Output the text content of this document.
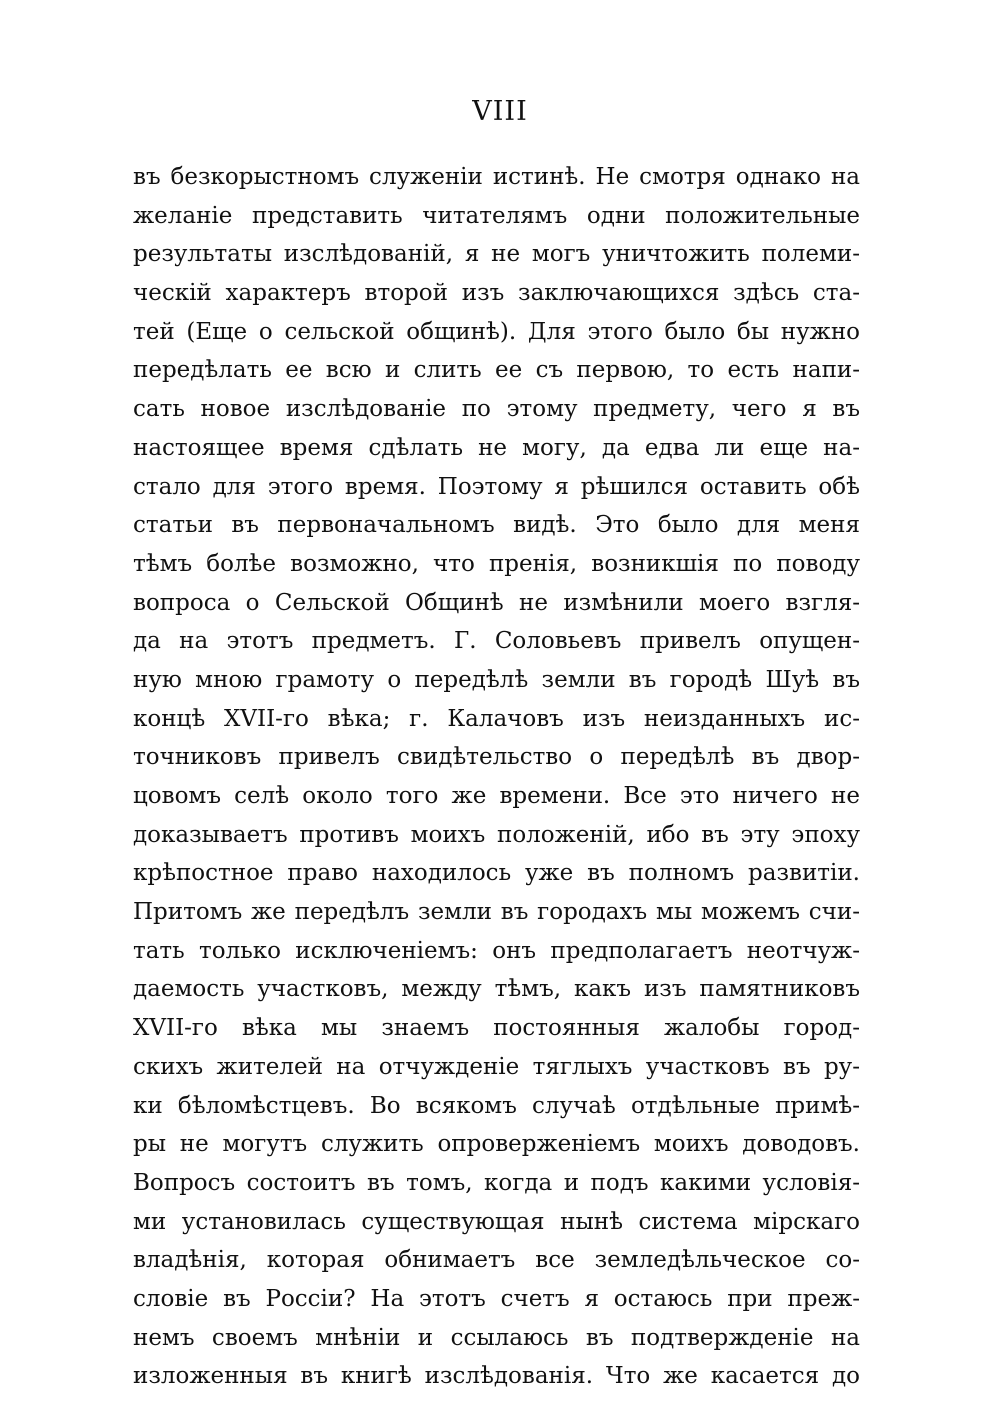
VIII
въ безкорыстномъ служеніи истинѣ. Не смотря однако на
желаніе представить читателямъ одни положительные
результаты изслѣдованій, я не могъ уничтожить полеми-
ческій характеръ второй изъ заключающихся здѣсь ста-
тей (Еще о сельской общинѣ). Для этого было бы нужно
передѣлать ее всю и слить ее съ первою, то есть напи-
сать новое изслѣдованіе по этому предмету, чего я въ
настоящее время сдѣлать не могу, да едва ли еще на-
стало для этого время. Поэтому я рѣшился оставить обѣ
статьи въ первоначальномъ видѣ. Это было для меня
тѣмъ болѣе возможно, что пренія, возникшія по поводу
вопроса о Сельской Общинѣ не измѣнили моего взгля-
да на этотъ предметъ. Г. Соловьевъ привелъ опущен-
ную мною грамоту о передѣлѣ земли въ городѣ Шуѣ въ
концѣ XVII-го вѣка; г. Калачовъ изъ неизданныхъ ис-
точниковъ привелъ свидѣтельство о передѣлѣ въ двор-
цовомъ селѣ около того же времени. Все это ничего не
доказываетъ противъ моихъ положеній, ибо въ эту эпоху
крѣпостное право находилось уже въ полномъ развитіи.
Притомъ же передѣлъ земли въ городахъ мы можемъ счи-
тать только исключеніемъ: онъ предполагаетъ неотчуж-
даемость участковъ, между тѣмъ, какъ изъ памятниковъ
XVII-го вѣка мы знаемъ постоянныя жалобы город-
скихъ жителей на отчужденіе тяглыхъ участковъ въ ру-
ки бѣломѣстцевъ. Во всякомъ случаѣ отдѣльные примѣ-
ры не могутъ служить опроверженіемъ моихъ доводовъ.
Вопросъ состоитъ въ томъ, когда и подъ какими условія-
ми установилась существующая нынѣ система мірскаго
владѣнія, которая обнимаетъ все земледѣльческое со-
словіе въ Россіи? На этотъ счетъ я остаюсь при преж-
немъ своемъ мнѣніи и ссылаюсь въ подтвержденіе на
изложенныя въ книгѣ изслѣдованія. Что же касается до
